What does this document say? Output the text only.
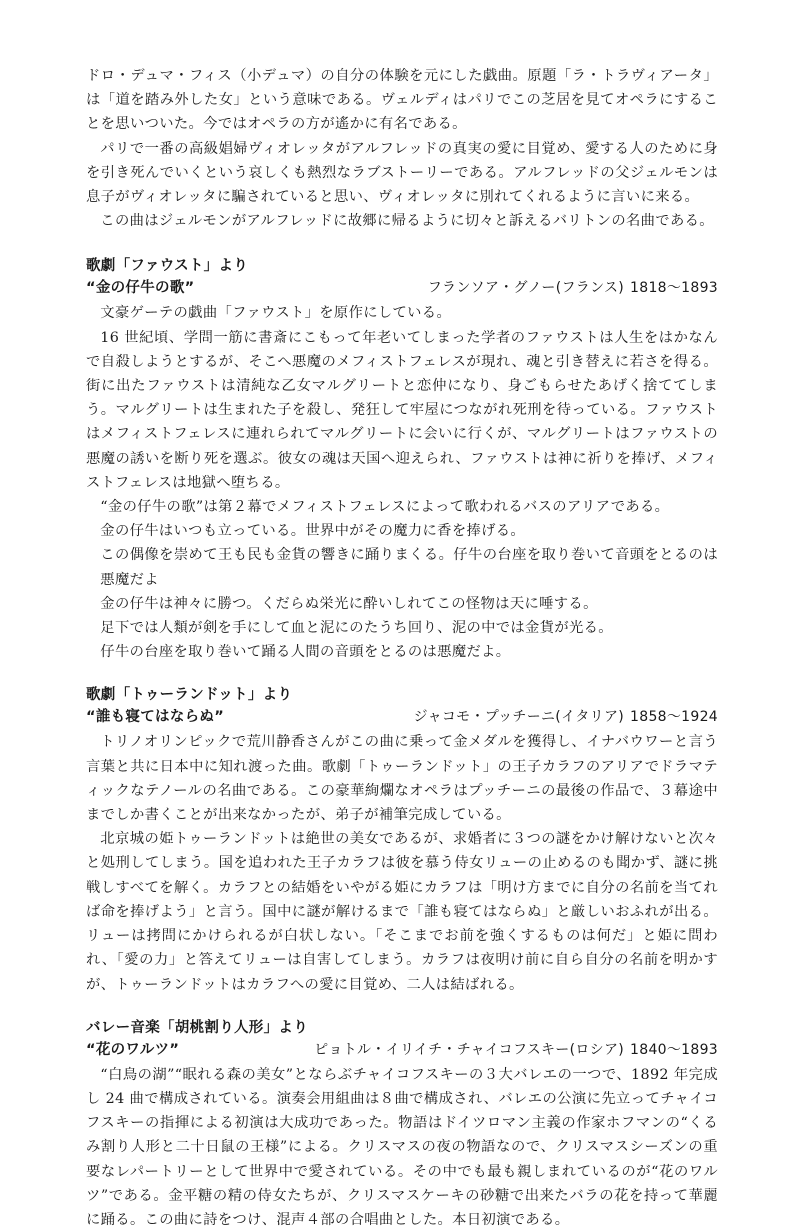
ドロ・デュマ・フィス（小デュマ）の自分の体験を元にした戯曲。原題「ラ・トラヴィアータ」は「道を踏み外した女」という意味である。ヴェルディはパリでこの芝居を見てオペラにすることを思いついた。今ではオペラの方が遙かに有名である。

パリで一番の高級娼婦ヴィオレッタがアルフレッドの真実の愛に目覚め、愛する人のために身を引き死んでいくという哀しくも熱烈なラブストーリーである。アルフレッドの父ジェルモンは息子がヴィオレッタに騙されていると思い、ヴィオレッタに別れてくれるように言いに来る。

この曲はジェルモンがアルフレッドに故郷に帰るように切々と訴えるバリトンの名曲である。

歌劇「ファウスト」より
“金の仔牛の歌”	フランソア・グノー(フランス) 1818〜1893

文豪ゲーテの戯曲「ファウスト」を原作にしている。

16 世紀頃、学問一筋に書斎にこもって年老いてしまった学者のファウストは人生をはかなんで自殺しようとするが、そこへ悪魔のメフィストフェレスが現れ、魂と引き替えに若さを得る。街に出たファウストは清純な乙女マルグリートと恋仲になり、身ごもらせたあげく捨ててしまう。マルグリートは生まれた子を殺し、発狂して牢屋につながれ死刑を待っている。ファウストはメフィストフェレスに連れられてマルグリートに会いに行くが、マルグリートはファウストの悪魔の誘いを断り死を選ぶ。彼女の魂は天国へ迎えられ、ファウストは神に祈りを捧げ、メフィストフェレスは地獄へ堕ちる。

“金の仔牛の歌”は第２幕でメフィストフェレスによって歌われるバスのアリアである。

金の仔牛はいつも立っている。世界中がその魔力に香を捧げる。

この偶像を崇めて王も民も金貨の響きに踊りまくる。仔牛の台座を取り巻いて音頭をとるのは悪魔だよ

金の仔牛は神々に勝つ。くだらぬ栄光に酔いしれてこの怪物は天に唾する。

足下では人類が剣を手にして血と泥にのたうち回り、泥の中では金貨が光る。

仔牛の台座を取り巻いて踊る人間の音頭をとるのは悪魔だよ。

歌劇「トゥーランドット」より
“誰も寝てはならぬ”	ジャコモ・プッチーニ(イタリア) 1858〜1924

トリノオリンピックで荒川静香さんがこの曲に乗って金メダルを獲得し、イナバウワーと言う言葉と共に日本中に知れ渡った曲。歌劇「トゥーランドット」の王子カラフのアリアでドラマティックなテノールの名曲である。この豪華絢爛なオペラはプッチーニの最後の作品で、３幕途中までしか書くことが出来なかったが、弟子が補筆完成している。

北京城の姫トゥーランドットは絶世の美女であるが、求婚者に３つの謎をかけ解けないと次々と処刑してしまう。国を追われた王子カラフは彼を慕う侍女リューの止めるのも聞かず、謎に挑戦しすべてを解く。カラフとの結婚をいやがる姫にカラフは「明け方までに自分の名前を当てれば命を捧げよう」と言う。国中に謎が解けるまで「誰も寝てはならぬ」と厳しいおふれが出る。リューは拷問にかけられるが白状しない。「そこまでお前を強くするものは何だ」と姫に問われ、「愛の力」と答えてリューは自害してしまう。カラフは夜明け前に自ら自分の名前を明かすが、トゥーランドットはカラフへの愛に目覚め、二人は結ばれる。

バレー音楽「胡桃割り人形」より
“花のワルツ”	ピョトル・イリイチ・チャイコフスキー(ロシア) 1840〜1893

“白鳥の湖”“眠れる森の美女”とならぶチャイコフスキーの３大バレエの一つで、1892 年完成し 24 曲で構成されている。演奏会用組曲は８曲で構成され、バレエの公演に先立ってチャイコフスキーの指揮による初演は大成功であった。物語はドイツロマン主義の作家ホフマンの“くるみ割り人形と二十日鼠の王様”による。クリスマスの夜の物語なので、クリスマスシーズンの重要なレパートリーとして世界中で愛されている。その中でも最も親しまれているのが“花のワルツ”である。金平糖の精の侍女たちが、クリスマスケーキの砂糖で出来たバラの花を持って華麗に踊る。この曲に詩をつけ、混声４部の合唱曲とした。本日初演である。
